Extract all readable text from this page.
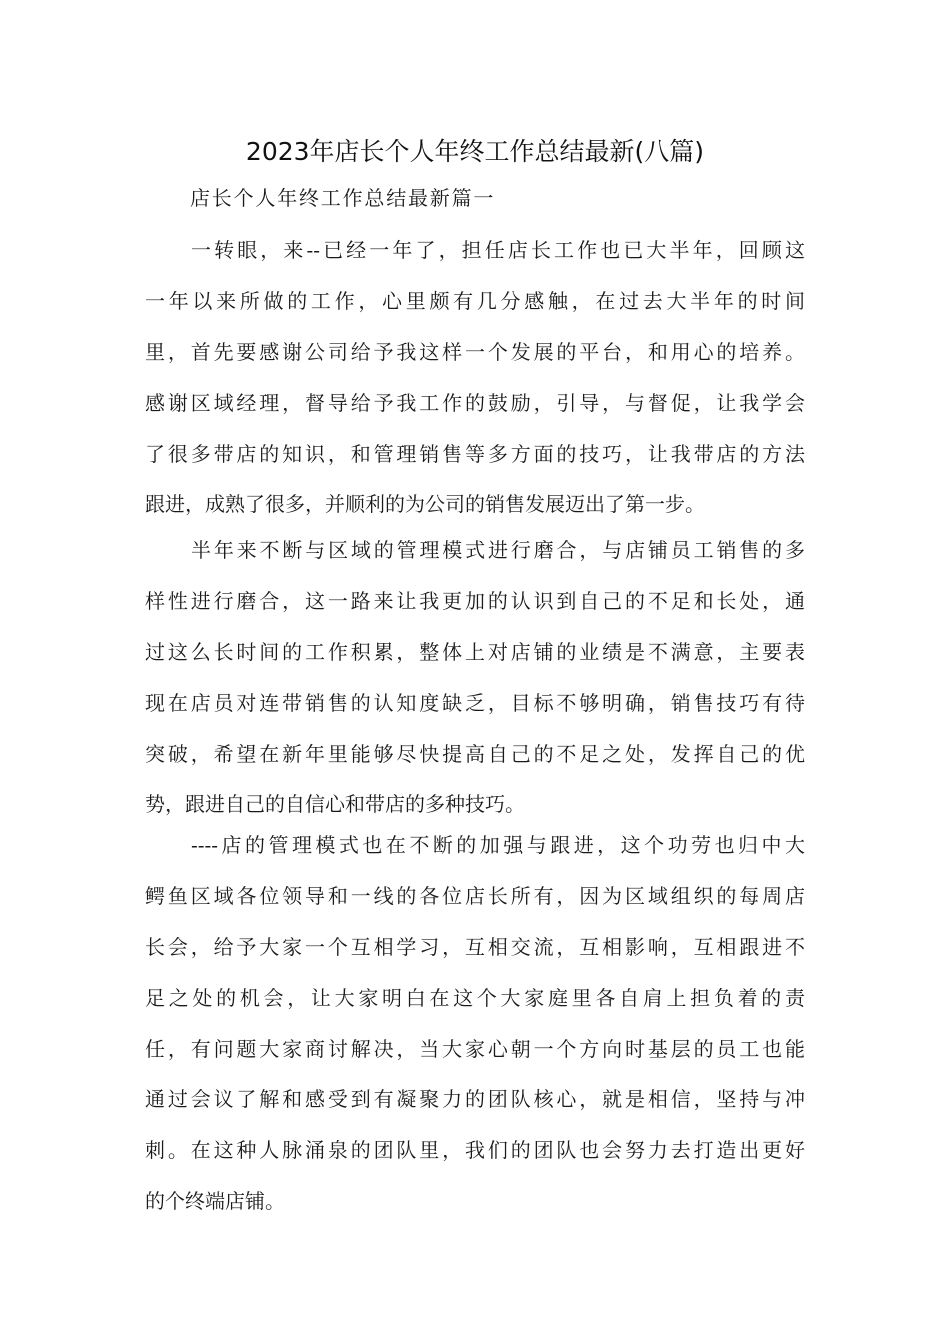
2023年店长个人年终工作总结最新(八篇)
店长个人年终工作总结最新篇一
一转眼，来--已经一年了，担任店长工作也已大半年，回顾这
一年以来所做的工作，心里颇有几分感触，在过去大半年的时间
里，首先要感谢公司给予我这样一个发展的平台，和用心的培养。
感谢区域经理，督导给予我工作的鼓励，引导，与督促，让我学会
了很多带店的知识，和管理销售等多方面的技巧，让我带店的方法
跟进，成熟了很多，并顺利的为公司的销售发展迈出了第一步。
半年来不断与区域的管理模式进行磨合，与店铺员工销售的多
样性进行磨合，这一路来让我更加的认识到自己的不足和长处，通
过这么长时间的工作积累，整体上对店铺的业绩是不满意，主要表
现在店员对连带销售的认知度缺乏，目标不够明确，销售技巧有待
突破，希望在新年里能够尽快提高自己的不足之处，发挥自己的优
势，跟进自己的自信心和带店的多种技巧。
----店的管理模式也在不断的加强与跟进，这个功劳也归中大
鳄鱼区域各位领导和一线的各位店长所有，因为区域组织的每周店
长会，给予大家一个互相学习，互相交流，互相影响，互相跟进不
足之处的机会，让大家明白在这个大家庭里各自肩上担负着的责
任，有问题大家商讨解决，当大家心朝一个方向时基层的员工也能
通过会议了解和感受到有凝聚力的团队核心，就是相信，坚持与冲
刺。在这种人脉涌泉的团队里，我们的团队也会努力去打造出更好
的个终端店铺。
